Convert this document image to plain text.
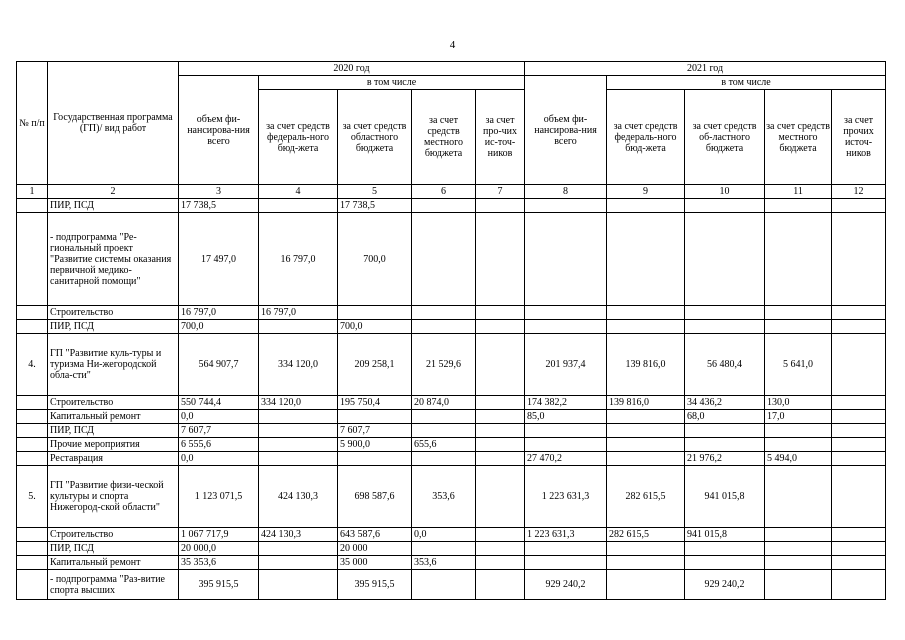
4
№ п/п	Государственная программа (ГП)/ вид работ	2020 год					2021 год				
		объем фи-нансирова-ния всего	в том числе				объем фи-нансирова-ния всего	в том числе			
			за счет средств федераль-ного бюд-жета	за счет средств областного бюджета	за счет средств местного бюджета	за счет про-чих ис-точ-ников		за счет средств федераль-ного бюд-жета	за счет средств об-ластного бюджета	за счет средств местного бюджета	за счет прочих источ-ников
1	2	3	4	5	6	7	8	9	10	11	12
	ПИР, ПСД	17 738,5		17 738,5							
	- подпрограмма "Ре-гиональный проект "Развитие системы оказания первичной медико-санитарной помощи"	17 497,0	16 797,0	700,0							
	Строительство	16 797,0	16 797,0								
	ПИР, ПСД	700,0		700,0							
4.	ГП "Развитие куль-туры и туризма Ни-жегородской обла-сти"	564 907,7	334 120,0	209 258,1	21 529,6		201 937,4	139 816,0	56 480,4	5 641,0	
	Строительство	550 744,4	334 120,0	195 750,4	20 874,0		174 382,2	139 816,0	34 436,2	130,0	
	Капитальный ремонт	0,0					85,0		68,0	17,0	
	ПИР, ПСД	7 607,7		7 607,7							
	Прочие мероприятия	6 555,6		5 900,0	655,6						
	Реставрация	0,0					27 470,2		21 976,2	5 494,0	
5.	ГП "Развитие физи-ческой культуры и спорта Нижегород-ской области"	1 123 071,5	424 130,3	698 587,6	353,6		1 223 631,3	282 615,5	941 015,8		
	Строительство	1 067 717,9	424 130,3	643 587,6	0,0		1 223 631,3	282 615,5	941 015,8		
	ПИР, ПСД	20 000,0		20 000							
	Капитальный ремонт	35 353,6		35 000	353,6						
	- подпрограмма "Раз-витие спорта высших	395 915,5		395 915,5			929 240,2		929 240,2		
